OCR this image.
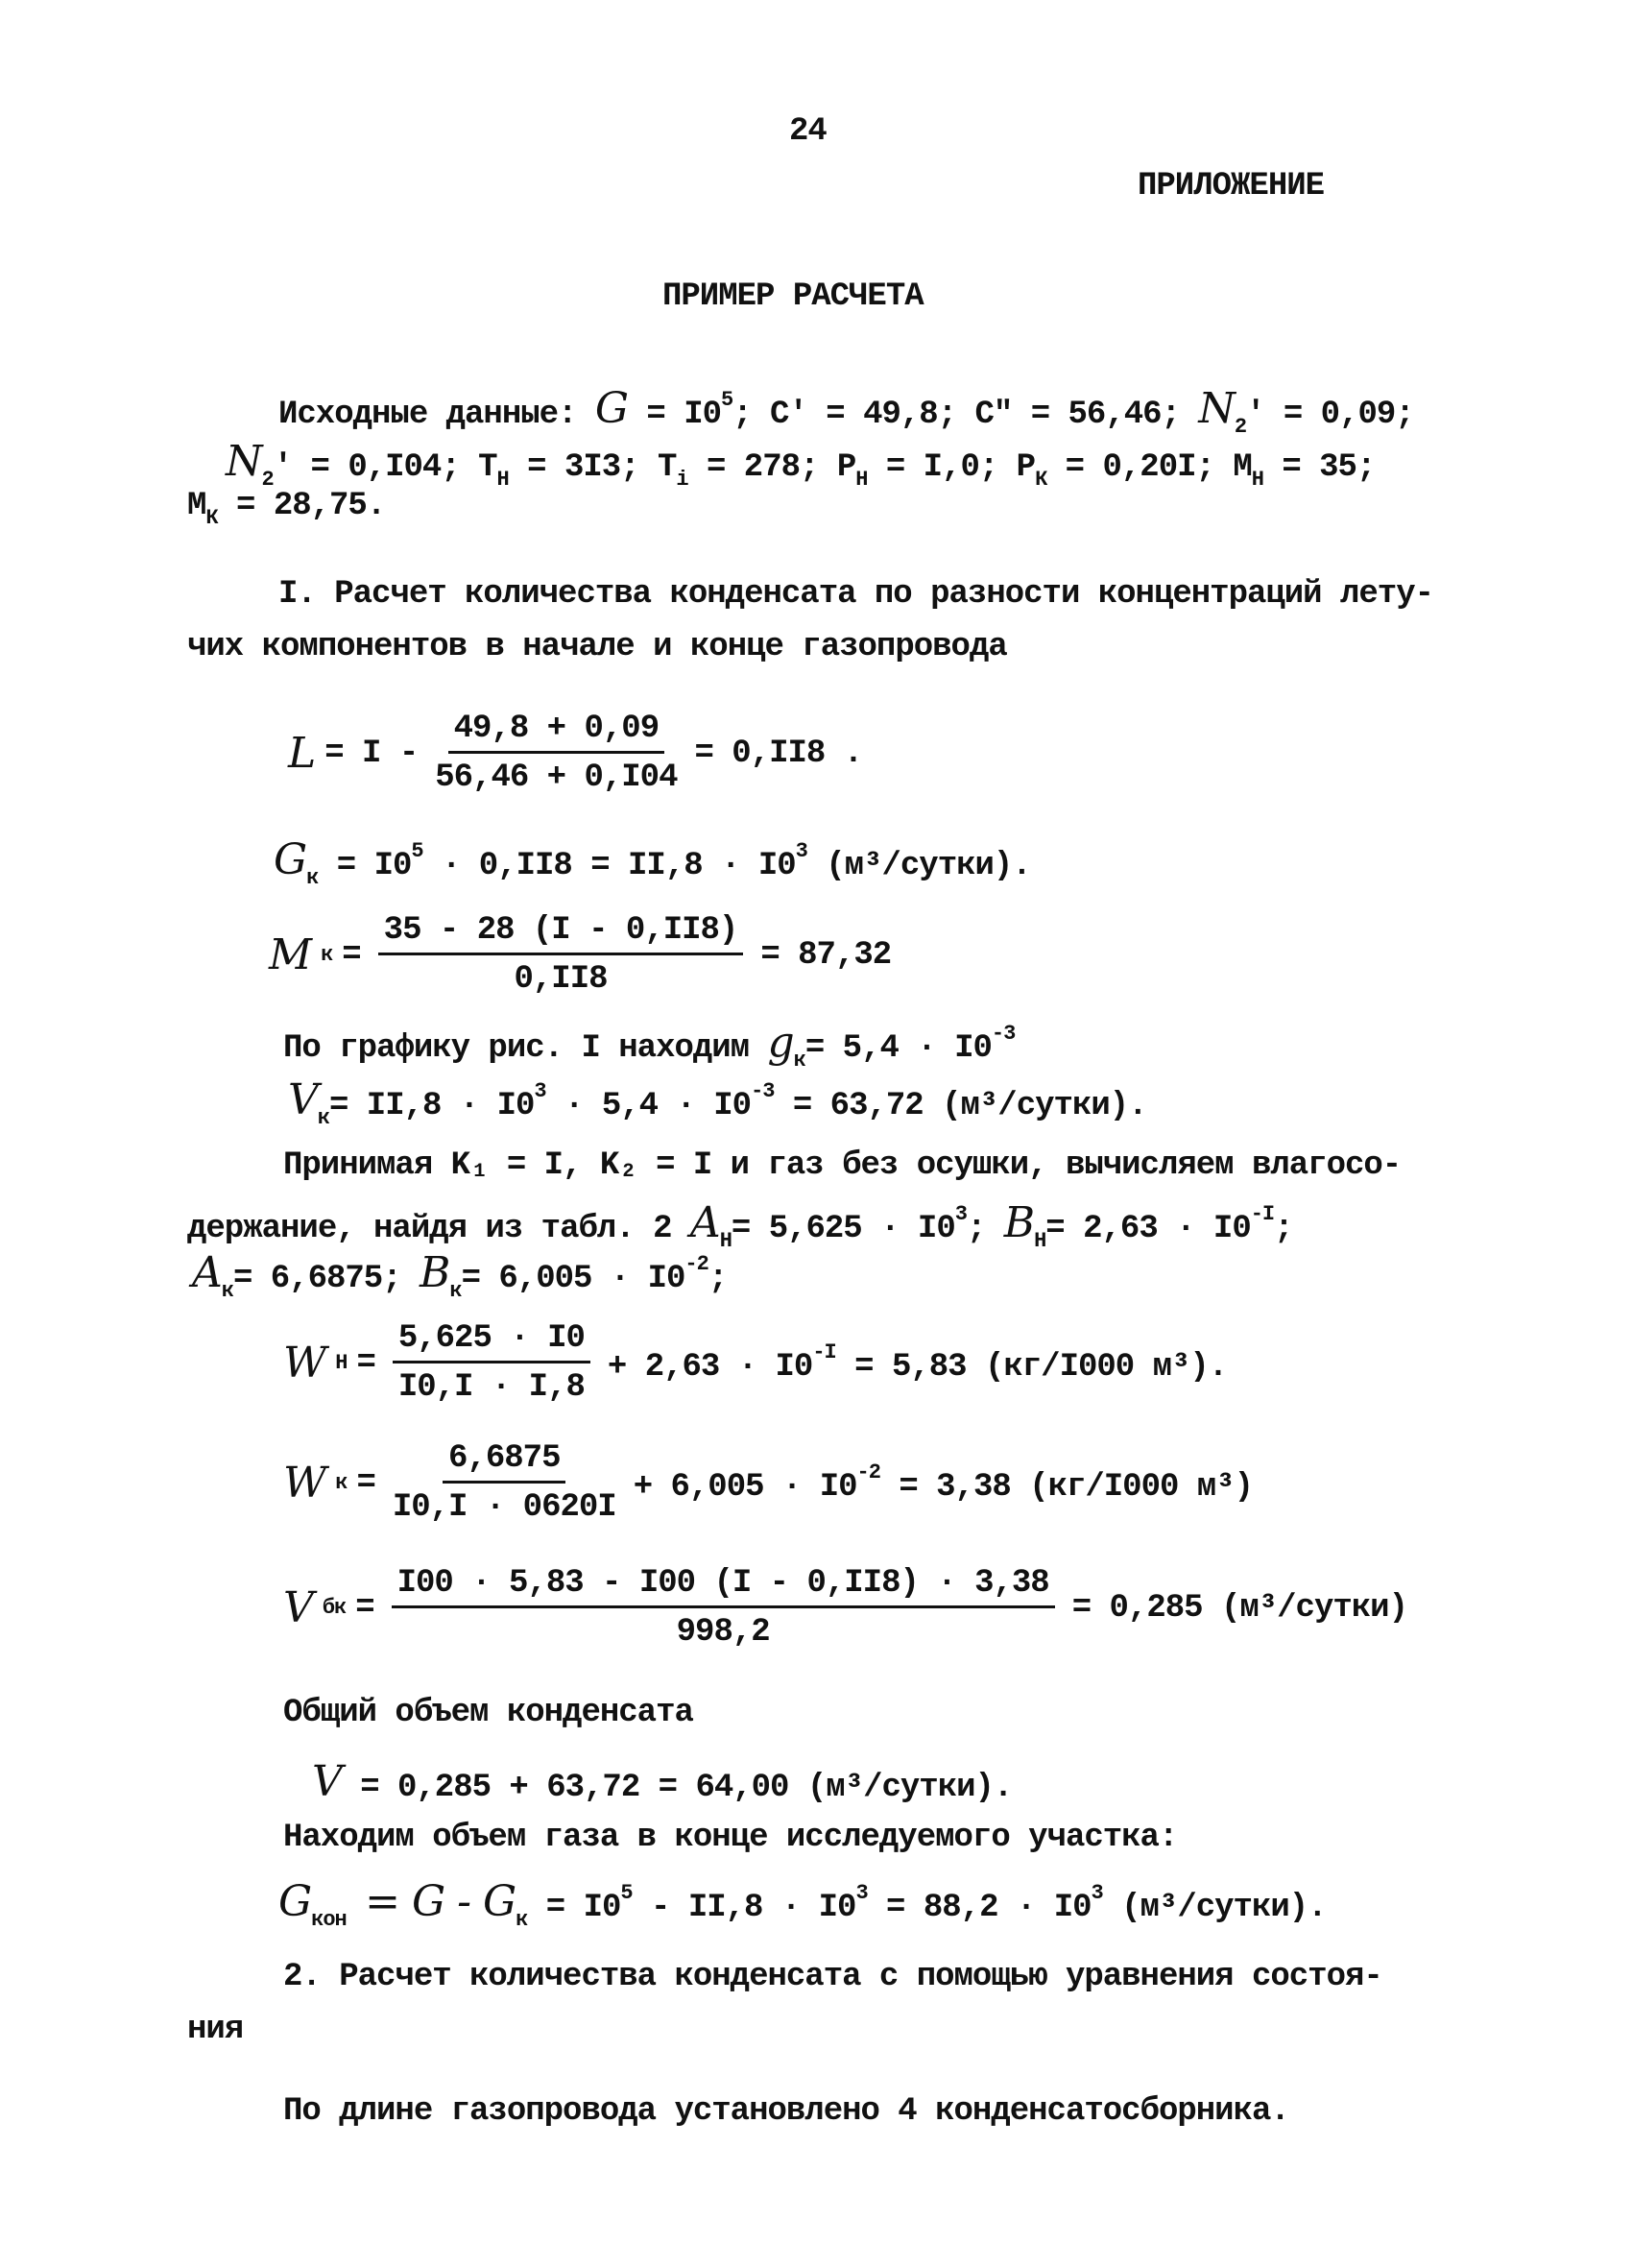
24
ПРИЛОЖЕНИЕ
ПРИМЕР РАСЧЕТА
Исходные данные: $G = I0^5$; C' = 49,8; C" = 56,46; $N_2' = 0,09$;
$N_2' = 0,I04$; $T_Н = 3I3$; $T_i = 278$; $P_Н = I,0$; $P_К = 0,20I$; $M_Н = 35$;
$M_К = 28,75$.
I. Расчет количества конденсата по разности концентраций лету-
чих компонентов в начале и конце газопровода
$L = I - \frac{49,8 + 0,09}{56,46 + 0,I04} = 0,II8$ .
$G_к = I0^5 \cdot 0,II8 = II,8 \cdot I0^3$ (м³/сутки).
M $к = \frac{35 - 28 (I - 0,II8)}{0,II8} = 87,32$
По графику рис. I находим $g_к= 5,4 \cdot I0^{-3}$
$V_к= II,8 \cdot I0^3 \cdot 5,4 \cdot I0^{-3} = 63,72$ (м³/сутки).
Принимая K₁ = I, K₂ = I и газ без осушки, вычисляем влагосо-
держание, найдя из табл. 2 $A_Н= 5,625 \cdot I0^3$; $B_Н= 2,63 \cdot I0^{-I}$;
$A_к= 6,6875$; $B_к= 6,005 \cdot I0^{-2}$;
W $Н = \frac{5,625 \cdot I0}{I0,I \cdot I,8} + 2,63 \cdot I0^{-I} = 5,83$ (кг/I000 м³).
W $к = \frac{6,6875}{I0,I \cdot 0620I} + 6,005 \cdot I0^{-2} = 3,38$ (кг/I000 м³)
V бк = $\frac{I00 \cdot 5,83 - I00 (I - 0,II8) \cdot 3,38}{998,2} = 0,285$ (м³/сутки)
Общий объем конденсата
V = 0,285 + 63,72 = 64,00 (м³/сутки).
Находим объем газа в конце исследуемого участка:
$G_{кон} = G - G_к = I0^5 - II,8 \cdot I0^3 = 88,2 \cdot I0^3$ (м³/сутки).
2. Расчет количества конденсата с помощью уравнения состоя-
ния
По длине газопровода установлено 4 конденсатосборника.
